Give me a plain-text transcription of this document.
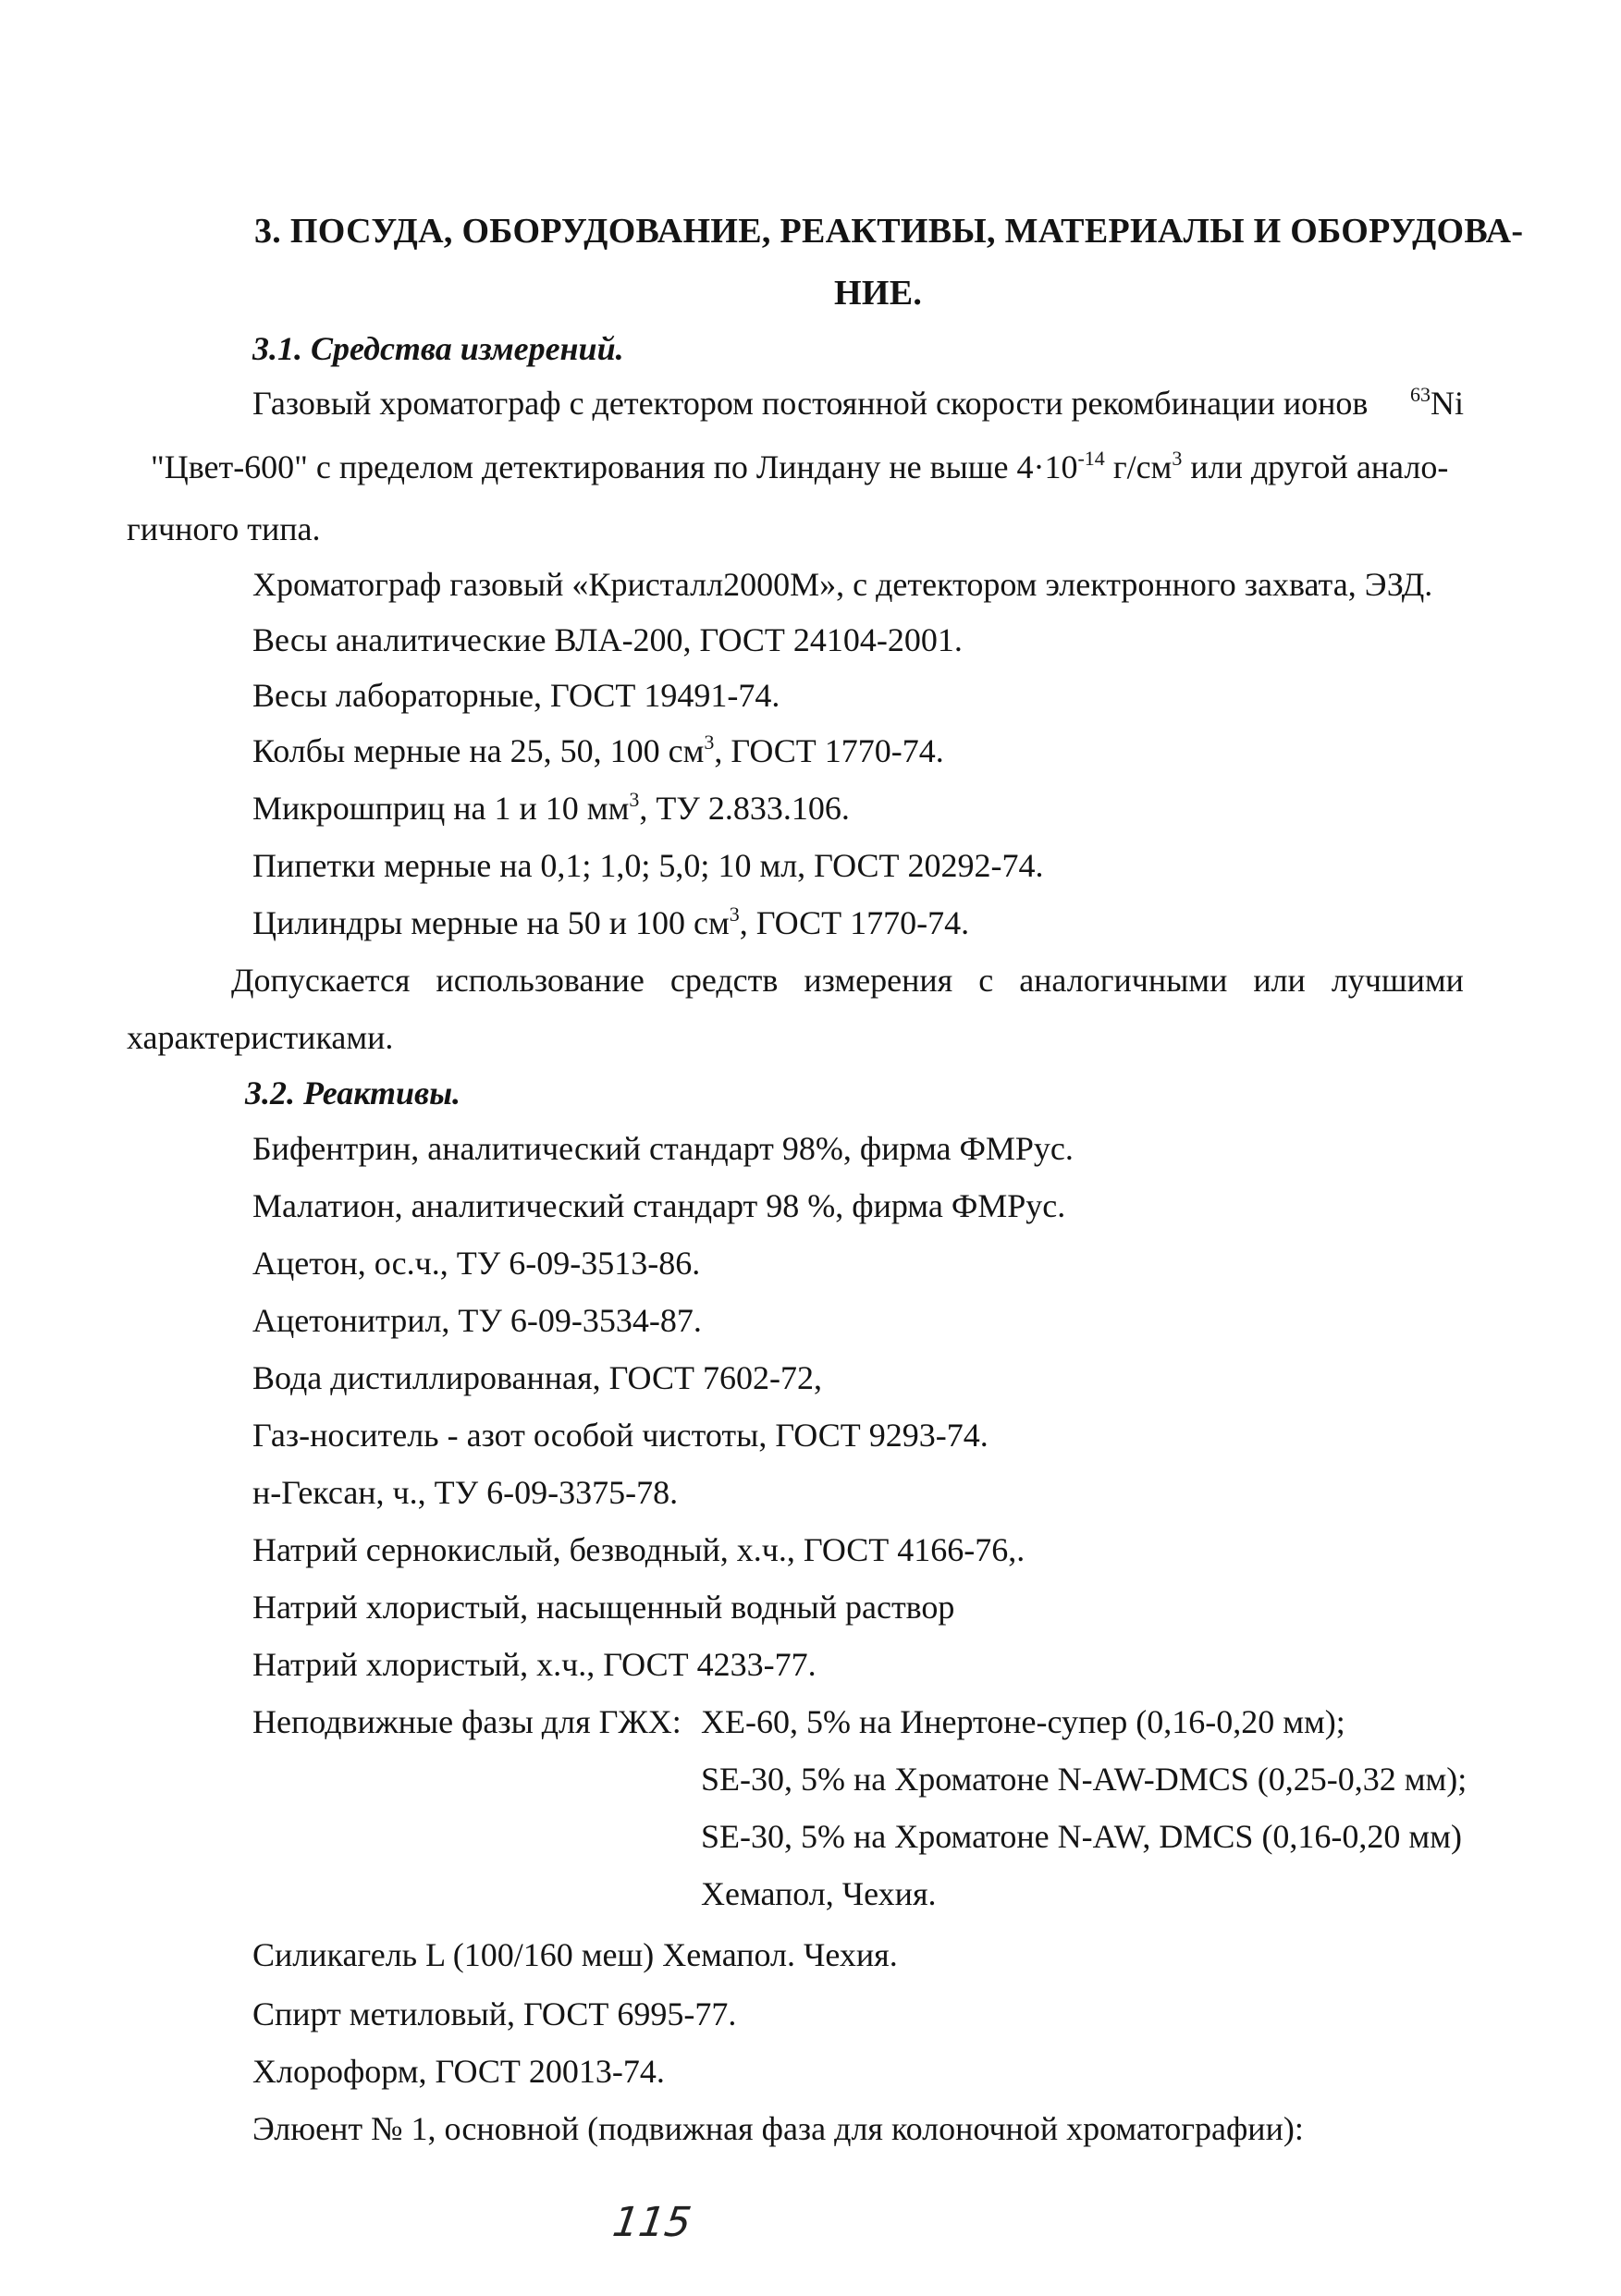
3. ПОСУДА, ОБОРУДОВАНИЕ, РЕАКТИВЫ, МАТЕРИАЛЫ И ОБОРУДОВА-
НИЕ.
3.1. Средства измерений.
Газовый хроматограф с детектором постоянной скорости рекомбинации ионов $^{63}$Ni
"Цвет-600" с пределом детектирования по Линдану не выше $4\cdot 10^{-14}$ $г/см^3$ или другой анало-
гичного типа.
Хроматограф газовый «Кристалл2000М», с детектором электронного захвата, ЭЗД.
Весы аналитические ВЛА-200, ГОСТ 24104-2001.
Весы лабораторные, ГОСТ 19491-74.
Колбы мерные на 25, 50, 100 $см^3$, ГОСТ 1770-74.
Микрошприц на 1 и 10 $мм^3$, ТУ 2.833.106.
Пипетки мерные на 0,1; 1,0; 5,0; 10 мл, ГОСТ 20292-74.
Цилиндры мерные на 50 и 100 $см^3$, ГОСТ 1770-74.
Допускается использование средств измерения с аналогичными или лучшими
характеристиками.
3.2. Реактивы.
Бифентрин, аналитический стандарт 98%, фирма ФМРус.
Малатион, аналитический стандарт 98 %, фирма ФМРус.
Ацетон, ос.ч., ТУ 6-09-3513-86.
Ацетонитрил, ТУ 6-09-3534-87.
Вода дистиллированная, ГОСТ 7602-72,
Газ-носитель - азот особой чистоты, ГОСТ 9293-74.
н-Гексан, ч., ТУ 6-09-3375-78.
Натрий сернокислый, безводный, х.ч., ГОСТ 4166-76,.
Натрий хлористый, насыщенный водный раствор
Натрий хлористый, х.ч., ГОСТ 4233-77.
Неподвижные фазы для ГЖХ: ХЕ-60, 5% на Инертоне-супер (0,16-0,20 мм);
SE-30, 5% на Хроматоне N-AW-DMCS (0,25-0,32 мм);
SE-30, 5% на Хроматоне N-AW, DMCS (0,16-0,20 мм)
Хемапол, Чехия.
Силикагель L (100/160 меш) Хемапол. Чехия.
Спирт метиловый, ГОСТ 6995-77.
Хлороформ, ГОСТ 20013-74.
Элюент № 1, основной (подвижная фаза для колоночной хроматографии):
115
